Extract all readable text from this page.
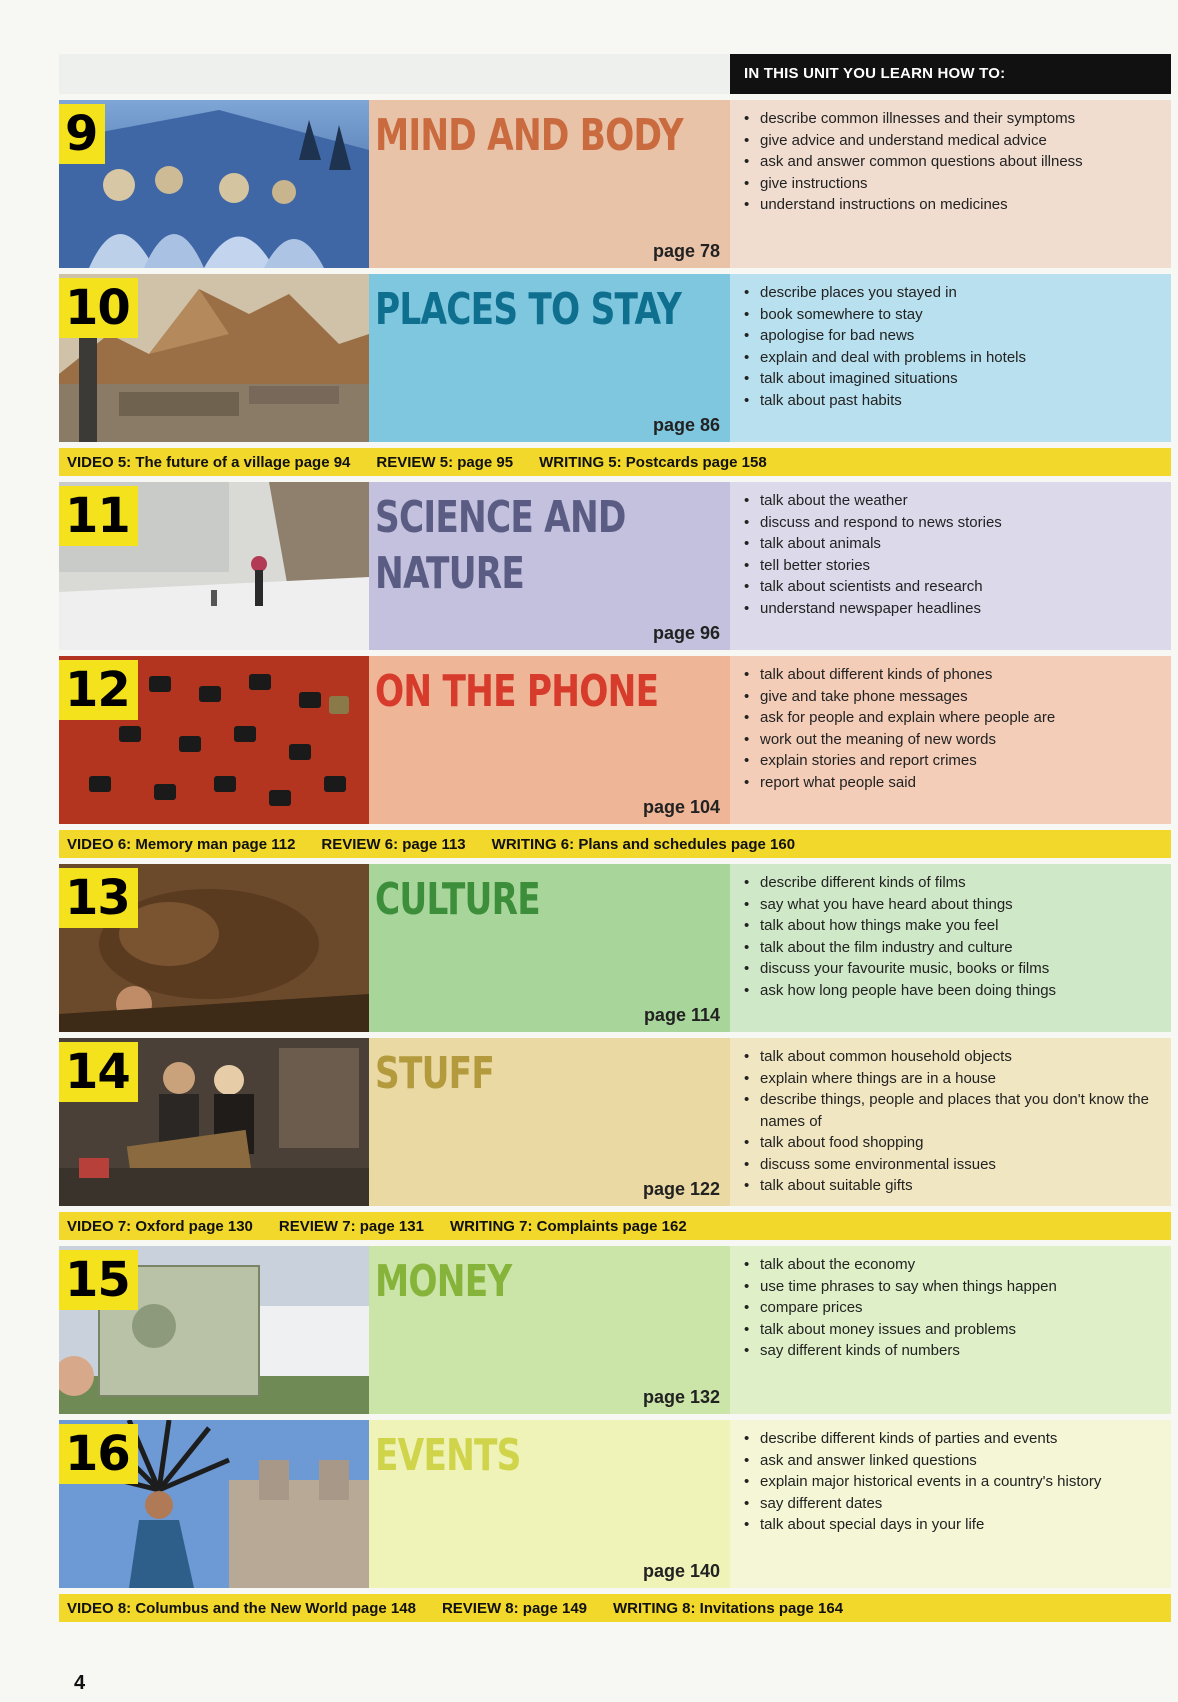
IN THIS UNIT YOU LEARN HOW TO:
9	MIND AND BODY
page 78
• describe common illnesses and their symptoms
• give advice and understand medical advice
• ask and answer common questions about illness
• give instructions
• understand instructions on medicines
10	PLACES TO STAY
page 86
• describe places you stayed in
• book somewhere to stay
• apologise for bad news
• explain and deal with problems in hotels
• talk about imagined situations
• talk about past habits
VIDEO 5: The future of a village page 94 REVIEW 5: page 95 WRITING 5: Postcards page 158
11	SCIENCE AND
NATURE
page 96
• talk about the weather
• discuss and respond to news stories
• talk about animals
• tell better stories
• talk about scientists and research
• understand newspaper headlines
12	ON THE PHONE
page 104
• talk about different kinds of phones
• give and take phone messages
• ask for people and explain where people are
• work out the meaning of new words
• explain stories and report crimes
• report what people said
VIDEO 6: Memory man page 112 REVIEW 6: page 113 WRITING 6: Plans and schedules page 160
13	CULTURE
page 114
• describe different kinds of films
• say what you have heard about things
• talk about how things make you feel
• talk about the film industry and culture
• discuss your favourite music, books or films
• ask how long people have been doing things
14	STUFF
page 122
• talk about common household objects
• explain where things are in a house
• describe things, people and places that you don't know the names of
• talk about food shopping
• discuss some environmental issues
• talk about suitable gifts
VIDEO 7: Oxford page 130 REVIEW 7: page 131 WRITING 7: Complaints page 162
15	MONEY
page 132
• talk about the economy
• use time phrases to say when things happen
• compare prices
• talk about money issues and problems
• say different kinds of numbers
16	EVENTS
page 140
• describe different kinds of parties and events
• ask and answer linked questions
• explain major historical events in a country's history
• say different dates
• talk about special days in your life
VIDEO 8: Columbus and the New World page 148 REVIEW 8: page 149 WRITING 8: Invitations page 164
4
